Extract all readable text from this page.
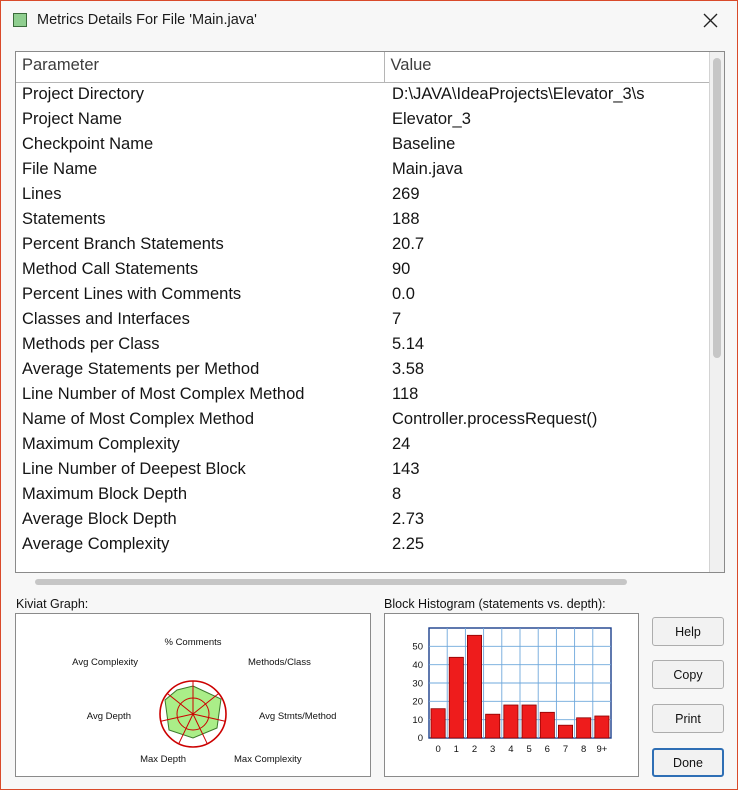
Metrics Details For File 'Main.java'
Parameter	Value
Project Directory	D:\JAVA\IdeaProjects\Elevator_3\s
Project Name	Elevator_3
Checkpoint Name	Baseline
File Name	Main.java
Lines	269
Statements	188
Percent Branch Statements	20.7
Method Call Statements	90
Percent Lines with Comments	0.0
Classes and Interfaces	7
Methods per Class	5.14
Average Statements per Method	3.58
Line Number of Most Complex Method	118
Name of Most Complex Method	Controller.processRequest()
Maximum Complexity	24
Line Number of Deepest Block	143
Maximum Block Depth	8
Average Block Depth	2.73
Average Complexity	2.25
Kiviat Graph:	Block Histogram (statements vs. depth):
% Comments
Methods/Class
Avg Stmts/Method
Max Complexity
Max Depth
Avg Depth
Avg Complexity
0
10
20
30
40
50
0 1 2 3 4 5 6 7 8 9+
Help
Copy
Print
Done
